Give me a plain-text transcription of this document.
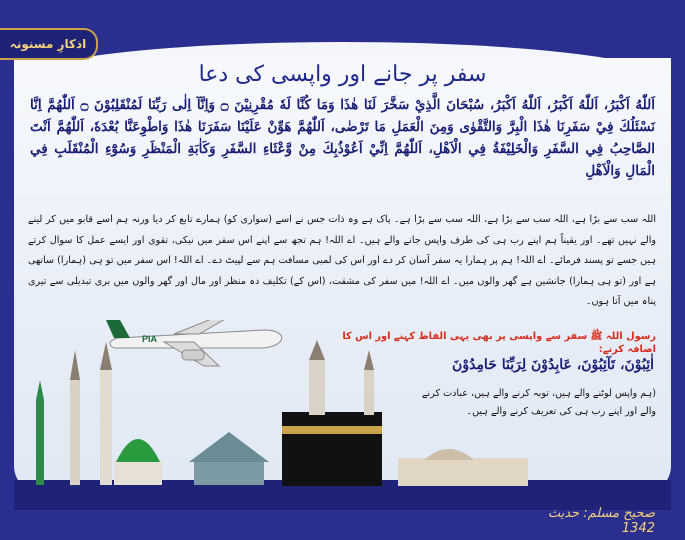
اذکارِ مسنونہ
سفر پر جانے اور واپسی کی دعا
اَللّٰهُ اَكْبَرُ، اَللّٰهُ اَكْبَرُ، اَللّٰهُ اَكْبَرُ، سُبْحَانَ الَّذِيْ سَخَّرَ لَنَا هٰذَا وَمَا كُنَّا لَهٗ مُقْرِنِيْنَ ۝ وَاِنَّآ اِلٰى رَبِّنَا لَمُنْقَلِبُوْنَ ۝ اَللّٰهُمَّ اِنَّا نَسْئَلُكَ فِيْ سَفَرِنَا هٰذَا الْبِرَّ وَالتَّقْوٰى وَمِنَ الْعَمَلِ مَا تَرْضٰى، اَللّٰهُمَّ هَوِّنْ عَلَيْنَا سَفَرَنَا هٰذَا وَاطْوِعَنَّا بُعْدَهٗ، اَللّٰهُمَّ اَنْتَ الصَّاحِبُ فِي السَّفَرِ وَالْخَلِيْفَةُ فِي الْاَهْلِ، اَللّٰهُمَّ اِنِّيْ اَعُوْذُبِكَ مِنْ وَّعْثَاءِ السَّفَرِ وَكَاٰبَةِ الْمَنْظَرِ وَسُوْٓءِ الْمُنْقَلَبِ فِي الْمَالِ وَالْاَهْلِ
اللہ سب سے بڑا ہے، اللہ سب سے بڑا ہے، اللہ سب سے بڑا ہے۔ پاک ہے وہ ذات جس نے اسے (سواری کو) ہمارے تابع کر دیا ورنہ ہم اسے قابو میں کر لینے والے نہیں تھے۔ اور یقیناً ہم اپنے رب ہی کی طرف واپس جانے والے ہیں۔ اے اللہ! ہم تجھ سے اپنے اس سفر میں نیکی، تقوی اور ایسے عمل کا سوال کرتے ہیں جسے تو پسند فرمائے۔ اے اللہ! ہم پر ہمارا یہ سفر آسان کر دے اور اس کی لمبی مسافت ہم سے لپیٹ دے۔ اے اللہ! اس سفر میں تو ہی (ہمارا) ساتھی ہے اور (تو ہی ہمارا) جانشین ہے گھر والوں میں۔ اے اللہ! میں سفر کی مشقت، (اس کے) تکلیف دہ منظر اور مال اور گھر والوں میں بری تبدیلی سے تیری پناہ میں آتا ہوں۔
PIA	رسول اللہ ﷺ سفر سے واپسی پر بھی یہی الفاظ کہتے اور اس کا اضافہ کرتے:
اٰئِبُوْنَ، تَآئِبُوْنَ، عَابِدُوْنَ لِرَبِّنَا حَامِدُوْنَ
(ہم واپس لوٹنے والے ہیں، توبہ کرنے والے ہیں، عبادت کرنے والے اور اپنے رب ہی کی تعریف کرنے والے ہیں۔
صحیح مسلم: حدیث 1342
